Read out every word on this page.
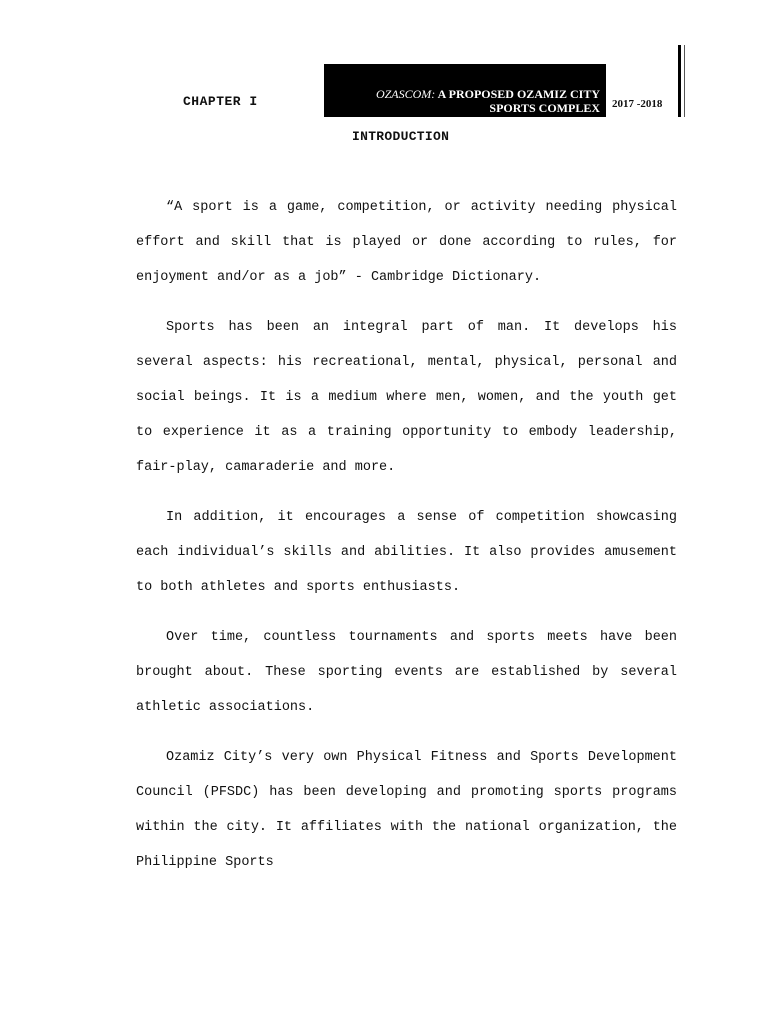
CHAPTER I	OZASCOM: A PROPOSED OZAMIZ CITY SPORTS COMPLEX	2017 -2018
INTRODUCTION

“A sport is a game, competition, or activity needing physical effort and skill that is played or done according to rules, for enjoyment and/or as a job” - Cambridge Dictionary.

Sports has been an integral part of man. It develops his several aspects: his recreational, mental, physical, personal and social beings. It is a medium where men, women, and the youth get to experience it as a training opportunity to embody leadership, fair-play, camaraderie and more.

In addition, it encourages a sense of competition showcasing each individual’s skills and abilities. It also provides amusement to both athletes and sports enthusiasts.

Over time, countless tournaments and sports meets have been brought about. These sporting events are established by several athletic associations.

Ozamiz City’s very own Physical Fitness and Sports Development Council (PFSDC) has been developing and promoting sports programs within the city. It affiliates with the national organization, the Philippine Sports
